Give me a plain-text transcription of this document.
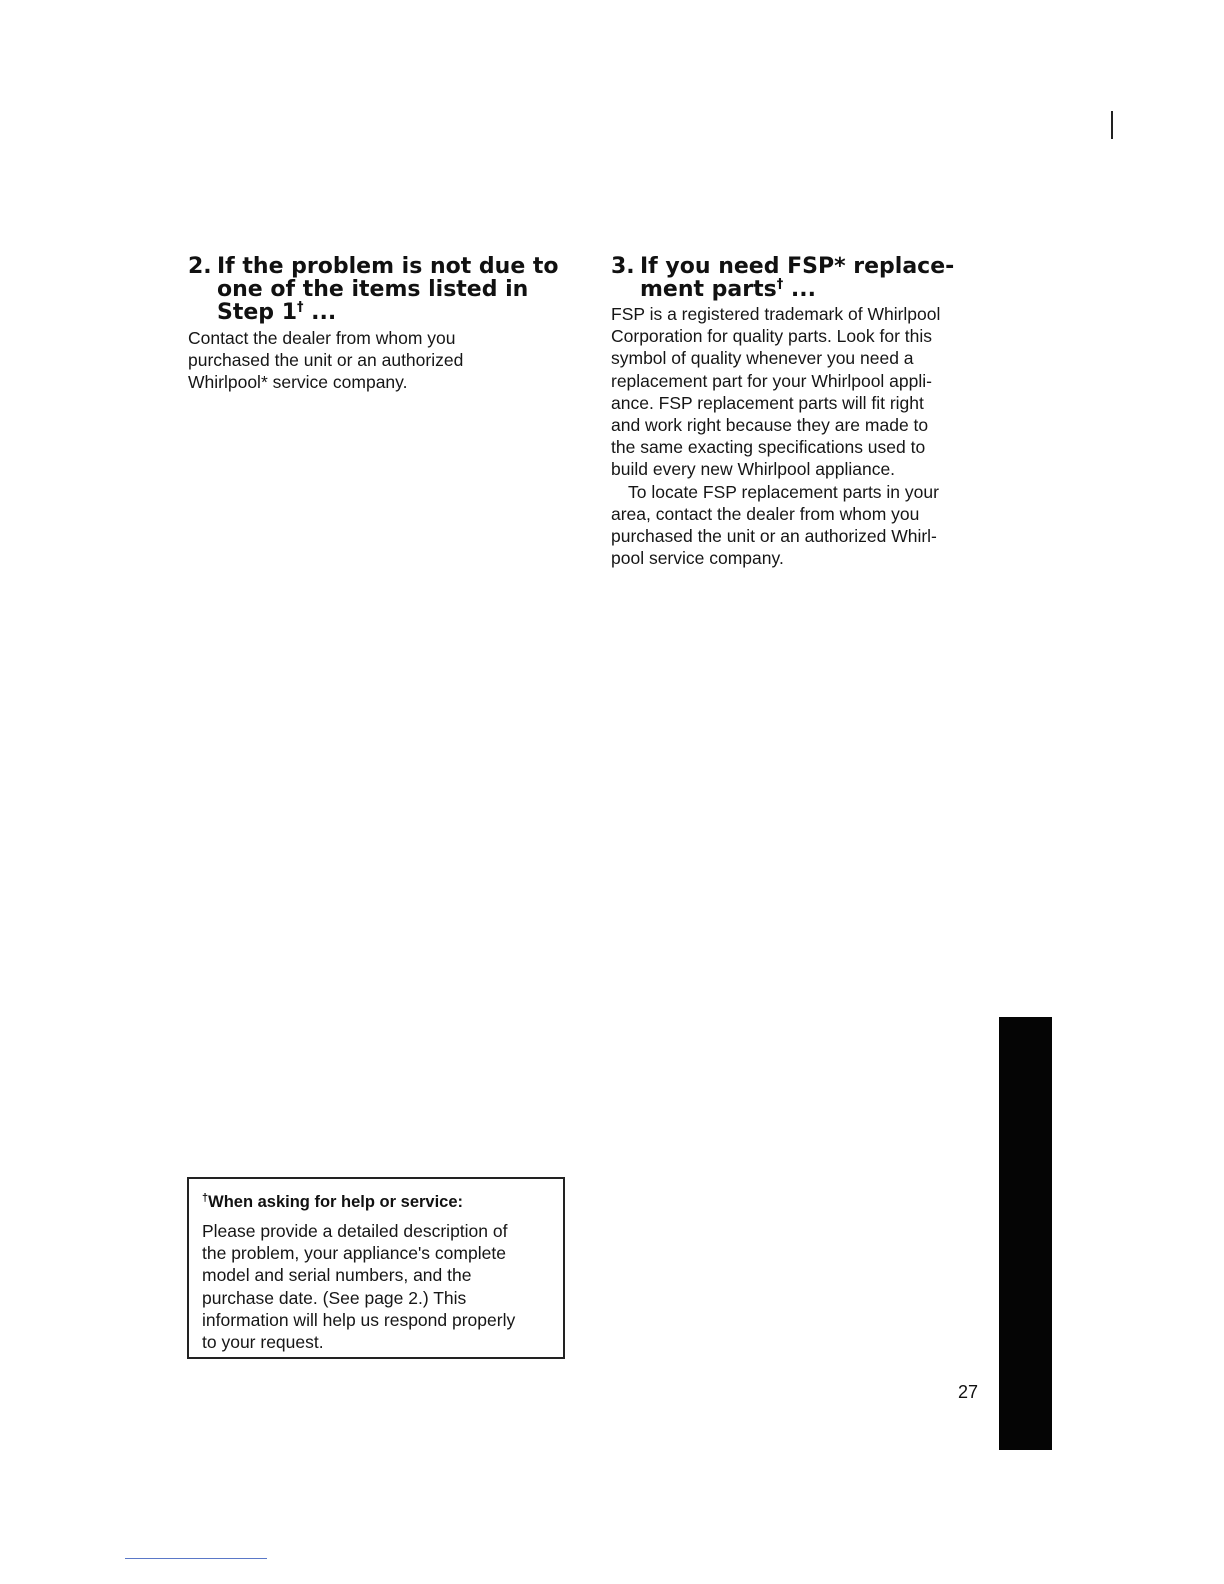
2. If the problem is not due to
one of the items listed in
Step 1† ...
Contact the dealer from whom you
purchased the unit or an authorized
Whirlpool* service company.
3. If you need FSP* replace-
ment parts† ...
FSP is a registered trademark of Whirlpool
Corporation for quality parts. Look for this
symbol of quality whenever you need a
replacement part for your Whirlpool appli-
ance. FSP replacement parts will fit right
and work right because they are made to
the same exacting specifications used to
build every new Whirlpool appliance.
To locate FSP replacement parts in your
area, contact the dealer from whom you
purchased the unit or an authorized Whirl-
pool service company.
†When asking for help or service:
Please provide a detailed description of
the problem, your appliance's complete
model and serial numbers, and the
purchase date. (See page 2.) This
information will help us respond properly
to your request.
27
